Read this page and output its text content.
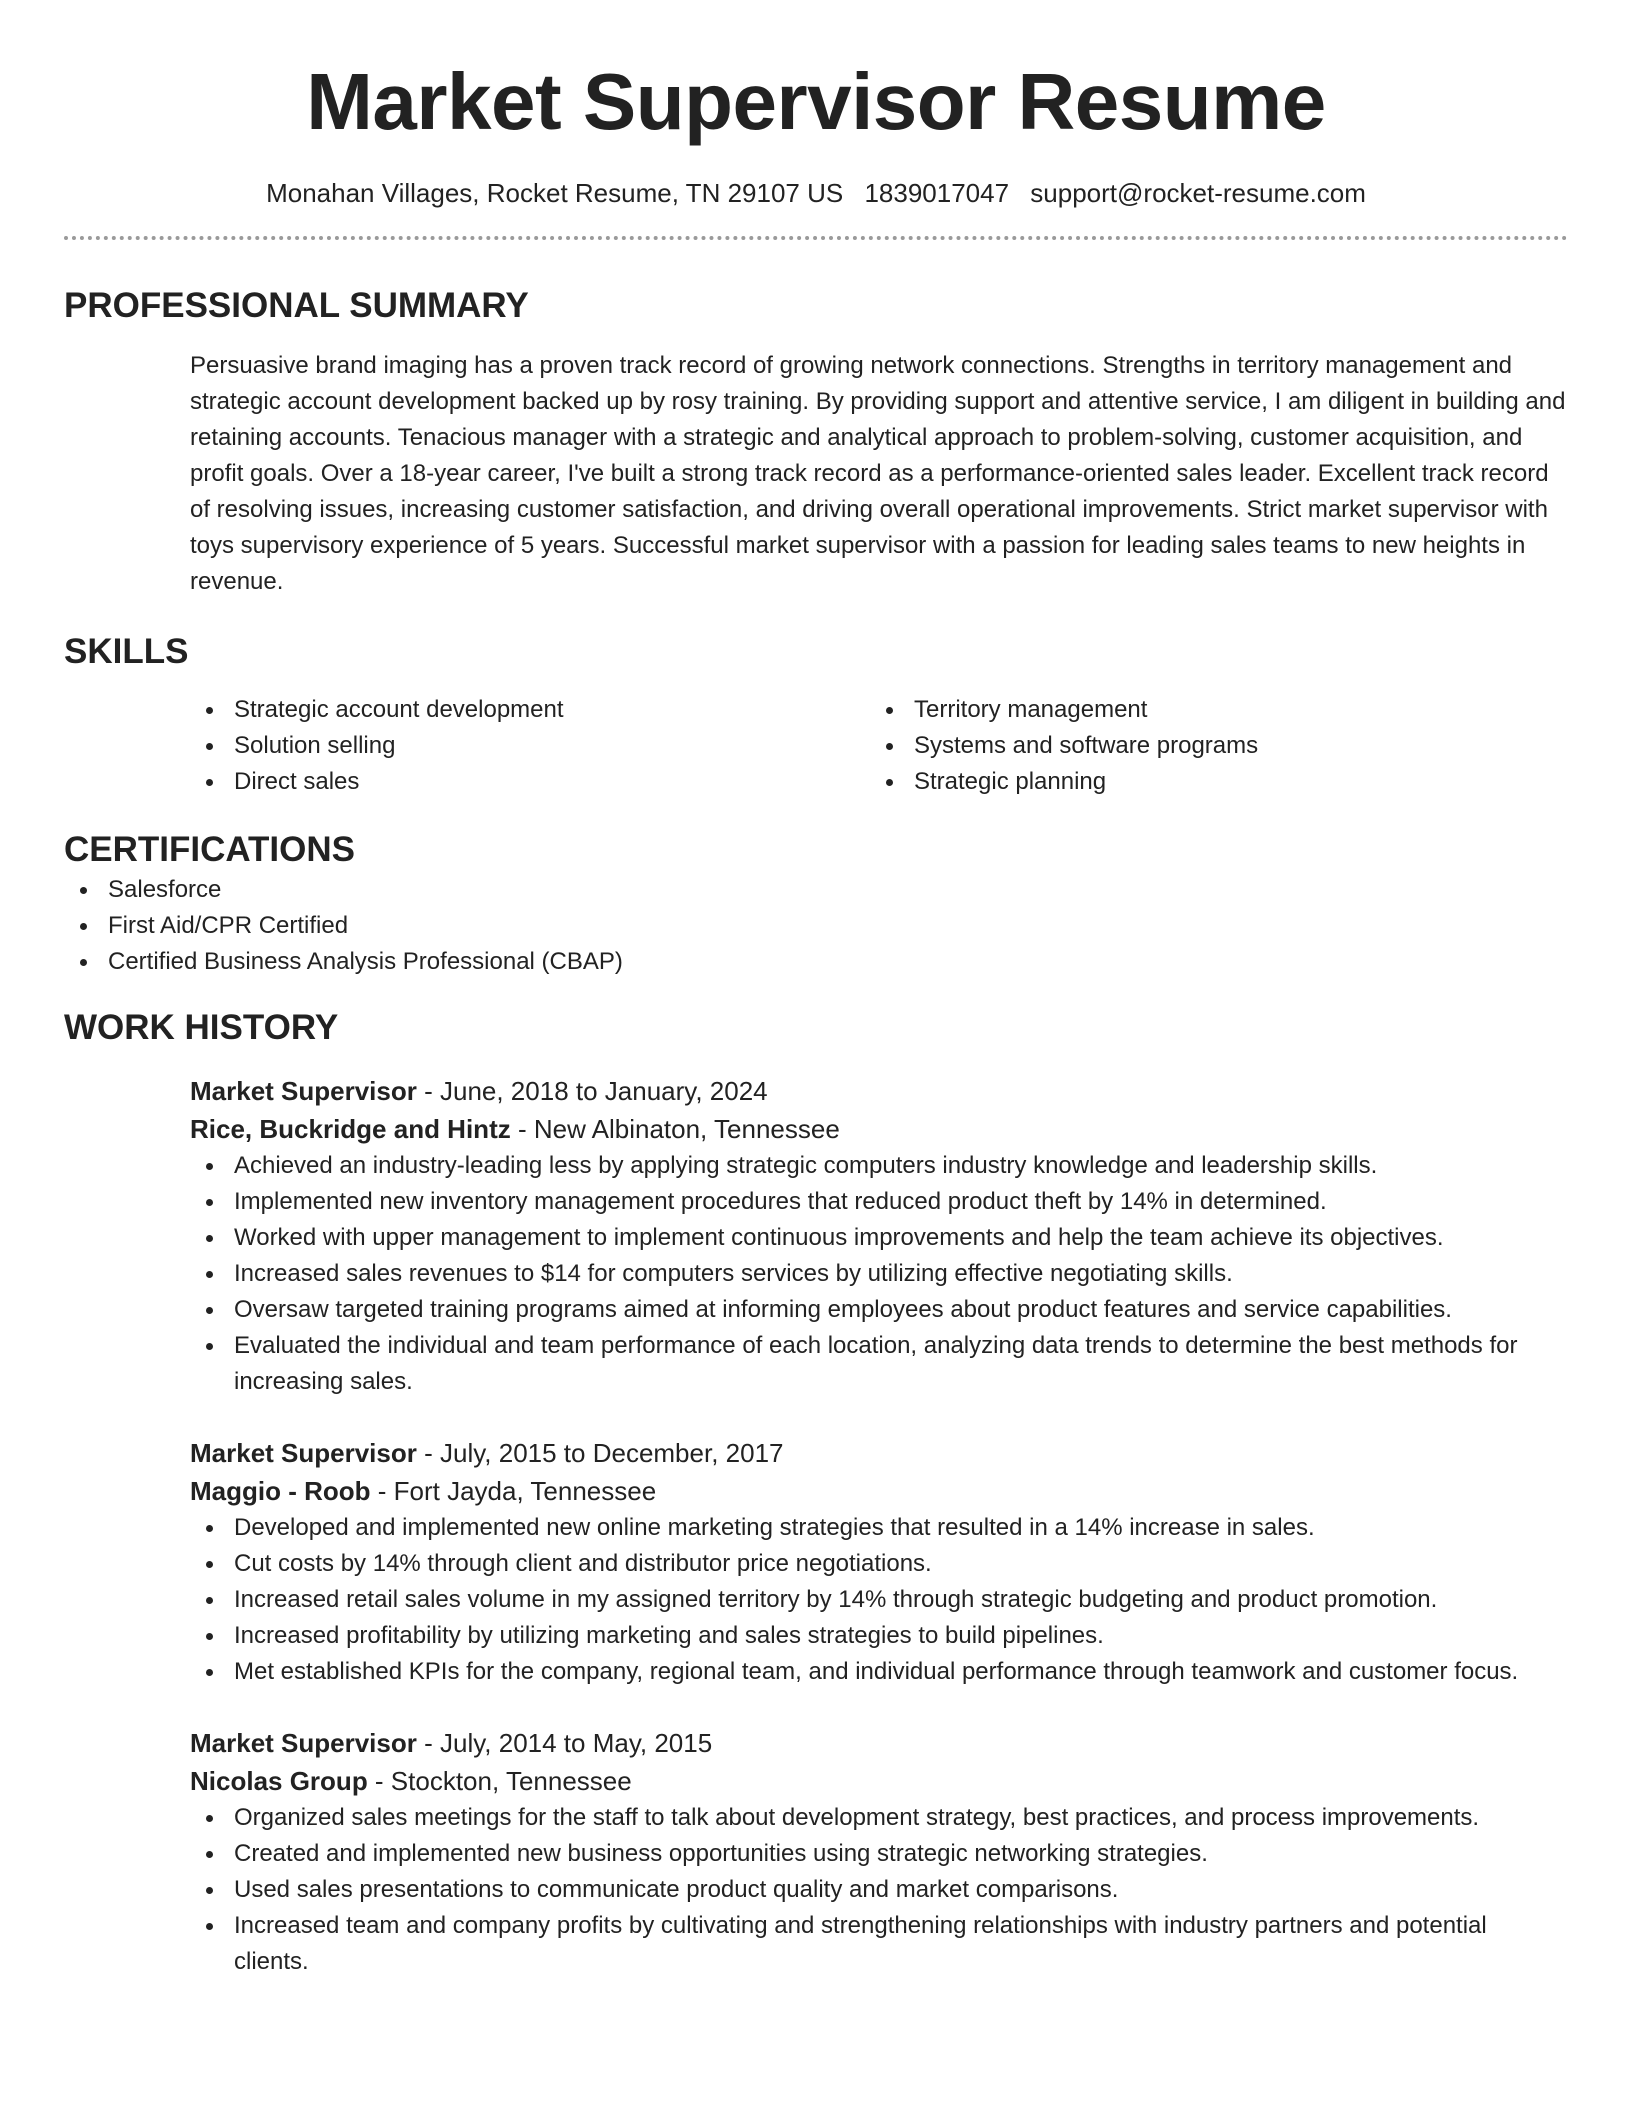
Market Supervisor Resume
Monahan Villages, Rocket Resume, TN 29107 US 1839017047 support@rocket-resume.com
PROFESSIONAL SUMMARY

Persuasive brand imaging has a proven track record of growing network connections. Strengths in territory management and strategic account development backed up by rosy training. By providing support and attentive service, I am diligent in building and retaining accounts. Tenacious manager with a strategic and analytical approach to problem-solving, customer acquisition, and profit goals. Over a 18-year career, I've built a strong track record as a performance-oriented sales leader. Excellent track record of resolving issues, increasing customer satisfaction, and driving overall operational improvements. Strict market supervisor with toys supervisory experience of 5 years. Successful market supervisor with a passion for leading sales teams to new heights in revenue.

SKILLS
Strategic account development
Solution selling
Direct sales
Territory management
Systems and software programs
Strategic planning
CERTIFICATIONS
Salesforce
First Aid/CPR Certified
Certified Business Analysis Professional (CBAP)
WORK HISTORY
Market Supervisor - June, 2018 to January, 2024
Rice, Buckridge and Hintz - New Albinaton, Tennessee
Achieved an industry-leading less by applying strategic computers industry knowledge and leadership skills.
Implemented new inventory management procedures that reduced product theft by 14% in determined.
Worked with upper management to implement continuous improvements and help the team achieve its objectives.
Increased sales revenues to $14 for computers services by utilizing effective negotiating skills.
Oversaw targeted training programs aimed at informing employees about product features and service capabilities.
Evaluated the individual and team performance of each location, analyzing data trends to determine the best methods for increasing sales.
Market Supervisor - July, 2015 to December, 2017
Maggio - Roob - Fort Jayda, Tennessee
Developed and implemented new online marketing strategies that resulted in a 14% increase in sales.
Cut costs by 14% through client and distributor price negotiations.
Increased retail sales volume in my assigned territory by 14% through strategic budgeting and product promotion.
Increased profitability by utilizing marketing and sales strategies to build pipelines.
Met established KPIs for the company, regional team, and individual performance through teamwork and customer focus.
Market Supervisor - July, 2014 to May, 2015
Nicolas Group - Stockton, Tennessee
Organized sales meetings for the staff to talk about development strategy, best practices, and process improvements.
Created and implemented new business opportunities using strategic networking strategies.
Used sales presentations to communicate product quality and market comparisons.
Increased team and company profits by cultivating and strengthening relationships with industry partners and potential clients.
